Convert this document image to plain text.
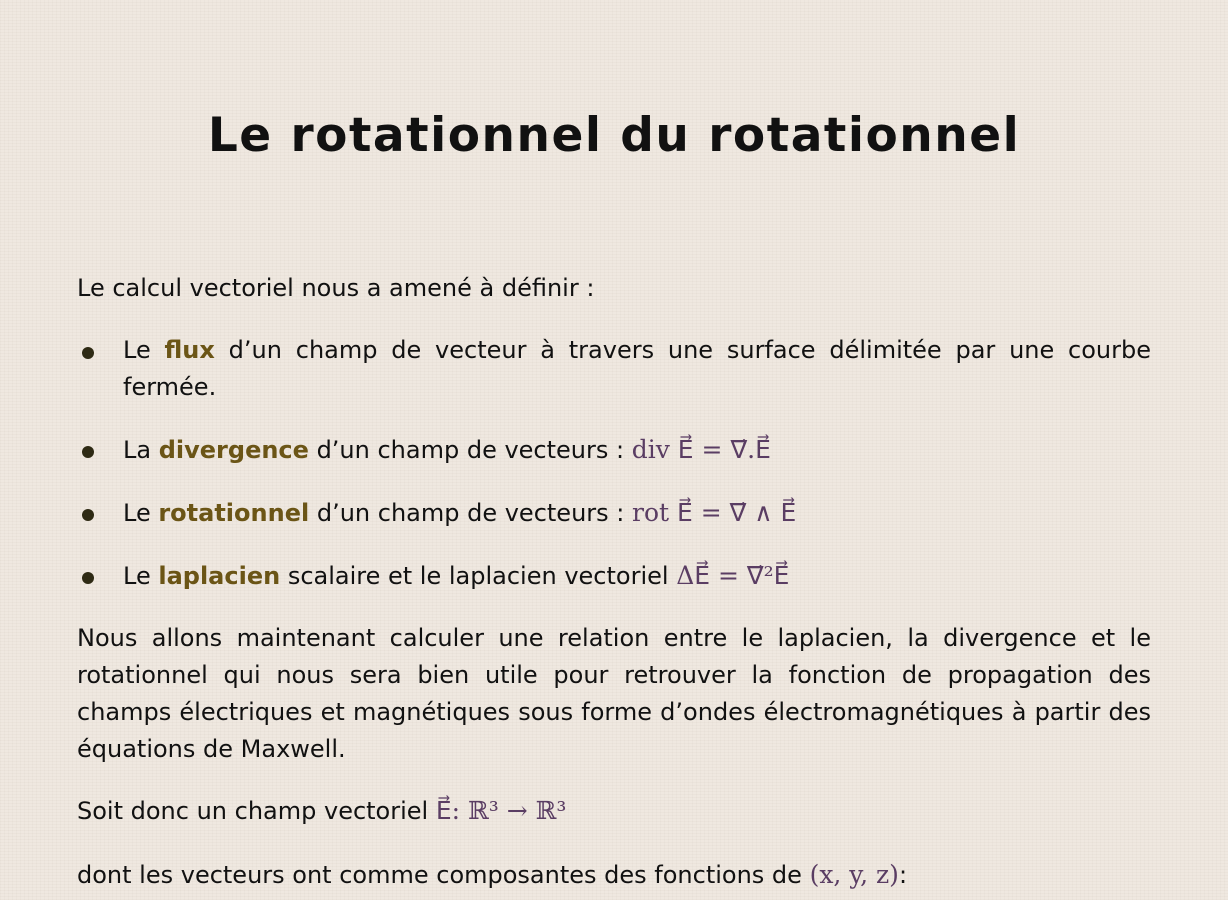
Le rotationnel du rotationnel

Le calcul vectoriel nous a amené à définir :

Le flux d’un champ de vecteur à travers une surface délimitée par une courbe fermée.
La divergence d’un champ de vecteurs : div E⃗ = ∇⃗.E⃗
Le rotationnel d’un champ de vecteurs : rot E⃗ = ∇⃗ ∧ E⃗
Le laplacien scalaire et le laplacien vectoriel ΔE⃗ = ∇⃗²E⃗

Nous allons maintenant calculer une relation entre le laplacien, la divergence et le rotationnel qui nous sera bien utile pour retrouver la fonction de propagation des champs électriques et magnétiques sous forme d’ondes électromagnétiques à partir des équations de Maxwell.

Soit donc un champ vectoriel E⃗: ℝ³ → ℝ³

dont les vecteurs ont comme composantes des fonctions de (x, y, z):
